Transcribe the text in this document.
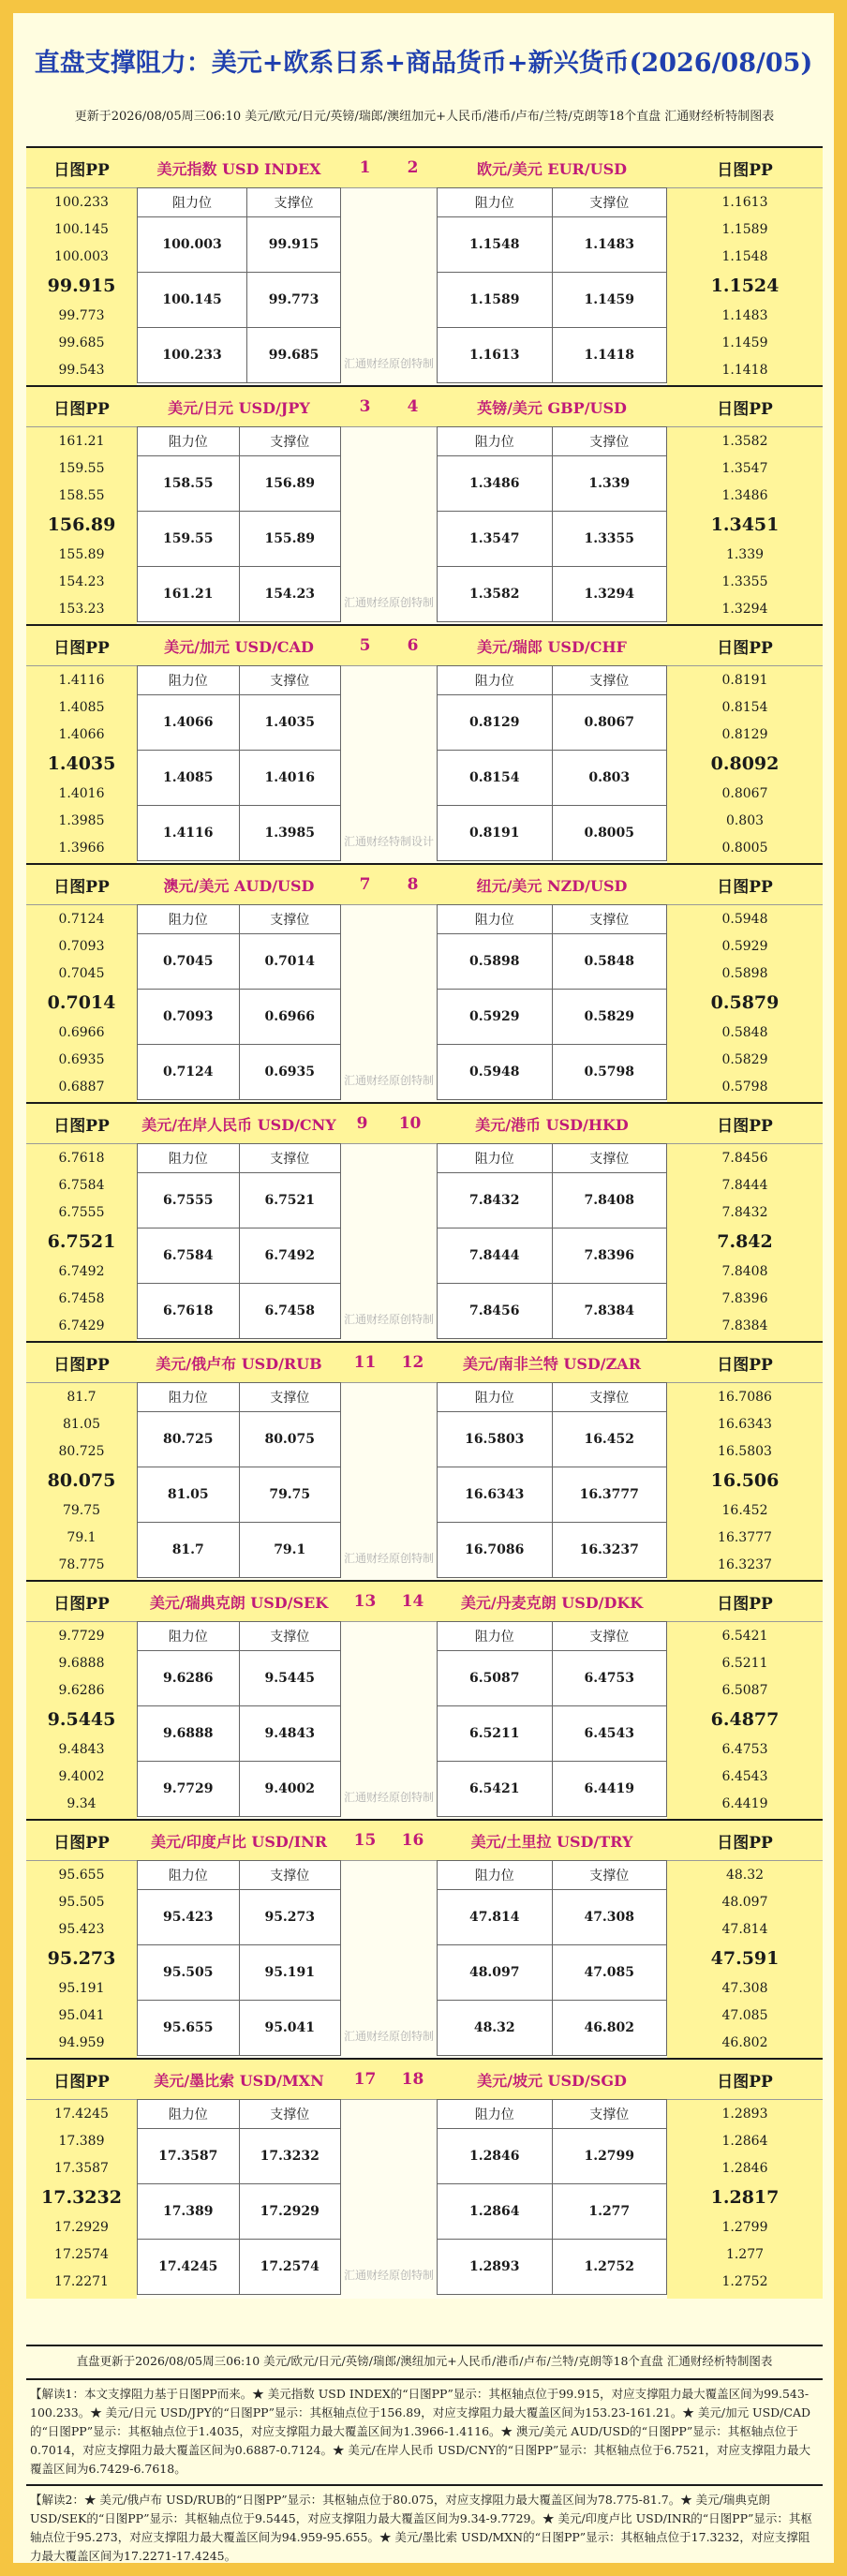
直盘支撑阻力：美元+欧系日系+商品货币+新兴货币(2026/08/05)
更新于2026/08/05周三06:10 美元/欧元/日元/英镑/瑞郎/澳纽加元+人民币/港币/卢布/兰特/克朗等18个直盘 汇通财经析特制图表
日图PP
100.233
100.145
100.003
99.915
99.773
99.685
99.543
美元指数 USD INDEX
阻力位	支撑位
100.003	99.915
100.145	99.773
100.233	99.685
1 2
汇通财经原创特制
欧元/美元 EUR/USD
阻力位	支撑位
1.1548	1.1483
1.1589	1.1459
1.1613	1.1418
日图PP
1.1613
1.1589
1.1548
1.1524
1.1483
1.1459
1.1418
日图PP
161.21
159.55
158.55
156.89
155.89
154.23
153.23
美元/日元 USD/JPY
阻力位	支撑位
158.55	156.89
159.55	155.89
161.21	154.23
3 4
汇通财经原创特制
英镑/美元 GBP/USD
阻力位	支撑位
1.3486	1.339
1.3547	1.3355
1.3582	1.3294
日图PP
1.3582
1.3547
1.3486
1.3451
1.339
1.3355
1.3294
日图PP
1.4116
1.4085
1.4066
1.4035
1.4016
1.3985
1.3966
美元/加元 USD/CAD
阻力位	支撑位
1.4066	1.4035
1.4085	1.4016
1.4116	1.3985
5 6
汇通财经特制设计
美元/瑞郎 USD/CHF
阻力位	支撑位
0.8129	0.8067
0.8154	0.803
0.8191	0.8005
日图PP
0.8191
0.8154
0.8129
0.8092
0.8067
0.803
0.8005
日图PP
0.7124
0.7093
0.7045
0.7014
0.6966
0.6935
0.6887
澳元/美元 AUD/USD
阻力位	支撑位
0.7045	0.7014
0.7093	0.6966
0.7124	0.6935
7 8
汇通财经原创特制
纽元/美元 NZD/USD
阻力位	支撑位
0.5898	0.5848
0.5929	0.5829
0.5948	0.5798
日图PP
0.5948
0.5929
0.5898
0.5879
0.5848
0.5829
0.5798
日图PP
6.7618
6.7584
6.7555
6.7521
6.7492
6.7458
6.7429
美元/在岸人民币 USD/CNY
阻力位	支撑位
6.7555	6.7521
6.7584	6.7492
6.7618	6.7458
9 10
汇通财经原创特制
美元/港币 USD/HKD
阻力位	支撑位
7.8432	7.8408
7.8444	7.8396
7.8456	7.8384
日图PP
7.8456
7.8444
7.8432
7.842
7.8408
7.8396
7.8384
日图PP
81.7
81.05
80.725
80.075
79.75
79.1
78.775
美元/俄卢布 USD/RUB
阻力位	支撑位
80.725	80.075
81.05	79.75
81.7	79.1
11 12
汇通财经原创特制
美元/南非兰特 USD/ZAR
阻力位	支撑位
16.5803	16.452
16.6343	16.3777
16.7086	16.3237
日图PP
16.7086
16.6343
16.5803
16.506
16.452
16.3777
16.3237
日图PP
9.7729
9.6888
9.6286
9.5445
9.4843
9.4002
9.34
美元/瑞典克朗 USD/SEK
阻力位	支撑位
9.6286	9.5445
9.6888	9.4843
9.7729	9.4002
13 14
汇通财经原创特制
美元/丹麦克朗 USD/DKK
阻力位	支撑位
6.5087	6.4753
6.5211	6.4543
6.5421	6.4419
日图PP
6.5421
6.5211
6.5087
6.4877
6.4753
6.4543
6.4419
日图PP
95.655
95.505
95.423
95.273
95.191
95.041
94.959
美元/印度卢比 USD/INR
阻力位	支撑位
95.423	95.273
95.505	95.191
95.655	95.041
15 16
汇通财经原创特制
美元/土里拉 USD/TRY
阻力位	支撑位
47.814	47.308
48.097	47.085
48.32	46.802
日图PP
48.32
48.097
47.814
47.591
47.308
47.085
46.802
日图PP
17.4245
17.389
17.3587
17.3232
17.2929
17.2574
17.2271
美元/墨比索 USD/MXN
阻力位	支撑位
17.3587	17.3232
17.389	17.2929
17.4245	17.2574
17 18
汇通财经原创特制
美元/坡元 USD/SGD
阻力位	支撑位
1.2846	1.2799
1.2864	1.277
1.2893	1.2752
日图PP
1.2893
1.2864
1.2846
1.2817
1.2799
1.277
1.2752
直盘更新于2026/08/05周三06:10 美元/欧元/日元/英镑/瑞郎/澳纽加元+人民币/港币/卢布/兰特/克朗等18个直盘 汇通财经析特制图表
【解读1：本文支撑阻力基于日图PP而来。★ 美元指数 USD INDEX的“日图PP”显示：其枢轴点位于99.915，对应支撑阻力最大覆盖区间为99.543-100.233。★ 美元/日元 USD/JPY的“日图PP”显示：其枢轴点位于156.89，对应支撑阻力最大覆盖区间为153.23-161.21。★ 美元/加元 USD/CAD的“日图PP”显示：其枢轴点位于1.4035，对应支撑阻力最大覆盖区间为1.3966-1.4116。★ 澳元/美元 AUD/USD的“日图PP”显示：其枢轴点位于0.7014，对应支撑阻力最大覆盖区间为0.6887-0.7124。★ 美元/在岸人民币 USD/CNY的“日图PP”显示：其枢轴点位于6.7521，对应支撑阻力最大覆盖区间为6.7429-6.7618。
【解读2：★ 美元/俄卢布 USD/RUB的“日图PP”显示：其枢轴点位于80.075，对应支撑阻力最大覆盖区间为78.775-81.7。★ 美元/瑞典克朗 USD/SEK的“日图PP”显示：其枢轴点位于9.5445，对应支撑阻力最大覆盖区间为9.34-9.7729。★ 美元/印度卢比 USD/INR的“日图PP”显示：其枢轴点位于95.273，对应支撑阻力最大覆盖区间为94.959-95.655。★ 美元/墨比索 USD/MXN的“日图PP”显示：其枢轴点位于17.3232，对应支撑阻力最大覆盖区间为17.2271-17.4245。
